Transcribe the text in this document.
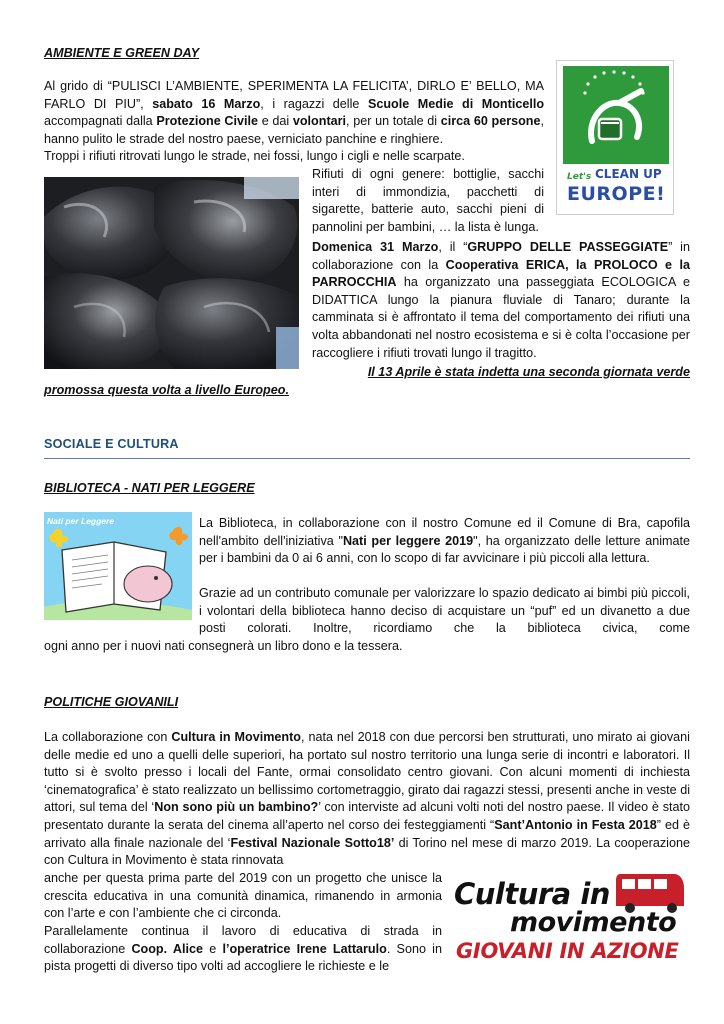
AMBIENTE E GREEN DAY
Al grido di “PULISCI L’AMBIENTE, SPERIMENTA LA FELICITA’, DIRLO E’ BELLO, MA FARLO DI PIU”, sabato 16 Marzo, i ragazzi delle Scuole Medie di Monticello accompagnati dalla Protezione Civile e dai volontari, per un totale di circa 60 persone, hanno pulito le strade del nostro paese, verniciato panchine e ringhiere.
Troppi i rifiuti ritrovati lungo le strade, nei fossi, lungo i cigli e nelle scarpate.
Let's CLEAN UP
EUROPE!
Rifiuti di ogni genere: bottiglie, sacchi interi di immondizia, pacchetti di sigarette, batterie auto, sacchi pieni di pannolini per bambini, … la lista è lunga.
Domenica 31 Marzo, il “GRUPPO DELLE PASSEGGIATE” in collaborazione con la Cooperativa ERICA, la PROLOCO e la PARROCCHIA ha organizzato una passeggiata ECOLOGICA e DIDATTICA lungo la pianura fluviale di Tanaro; durante la camminata si è affrontato il tema del comportamento dei rifiuti una volta abbandonati nel nostro ecosistema e si è colta l’occasione per raccogliere i rifiuti trovati lungo il tragitto.
Il 13 Aprile è stata indetta una seconda giornata verde
promossa questa volta a livello Europeo.
SOCIALE E CULTURA
BIBLIOTECA - NATI PER LEGGERE
Nati per Leggere	La Biblioteca, in collaborazione con il nostro Comune ed il Comune di Bra, capofila nell'ambito dell'iniziativa "Nati per leggere 2019", ha organizzato delle letture animate per i bambini da 0 ai 6 anni, con lo scopo di far avvicinare i più piccoli alla lettura.
Grazie ad un contributo comunale per valorizzare lo spazio dedicato ai bimbi più piccoli, i volontari della biblioteca hanno deciso di acquistare un “puf” ed un divanetto a due posti colorati. Inoltre, ricordiamo che la biblioteca civica, come
ogni anno per i nuovi nati consegnerà un libro dono e la tessera.
POLITICHE GIOVANILI
La collaborazione con Cultura in Movimento, nata nel 2018 con due percorsi ben strutturati, uno mirato ai giovani delle medie ed uno a quelli delle superiori, ha portato sul nostro territorio una lunga serie di incontri e laboratori. Il tutto si è svolto presso i locali del Fante, ormai consolidato centro giovani. Con alcuni momenti di inchiesta ‘cinematografica’ è stato realizzato un bellissimo cortometraggio, girato dai ragazzi stessi, presenti anche in veste di attori, sul tema del ‘Non sono più un bambino?’ con interviste ad alcuni volti noti del nostro paese. Il video è stato presentato durante la serata del cinema all’aperto nel corso dei festeggiamenti “Sant’Antonio in Festa 2018” ed è arrivato alla finale nazionale del ‘Festival Nazionale Sotto18’ di Torino nel mese di marzo 2019. La cooperazione con Cultura in Movimento è stata rinnovata
anche per questa prima parte del 2019 con un progetto che unisce la crescita educativa in una comunità dinamica, rimanendo in armonia con l’arte e con l’ambiente che ci circonda.
Parallelamente continua il lavoro di educativa di strada in collaborazione Coop. Alice e l’operatrice Irene Lattarulo. Sono in pista progetti di diverso tipo volti ad accogliere le richieste e le
Cultura in
movimento
GIOVANI IN AZIONE
